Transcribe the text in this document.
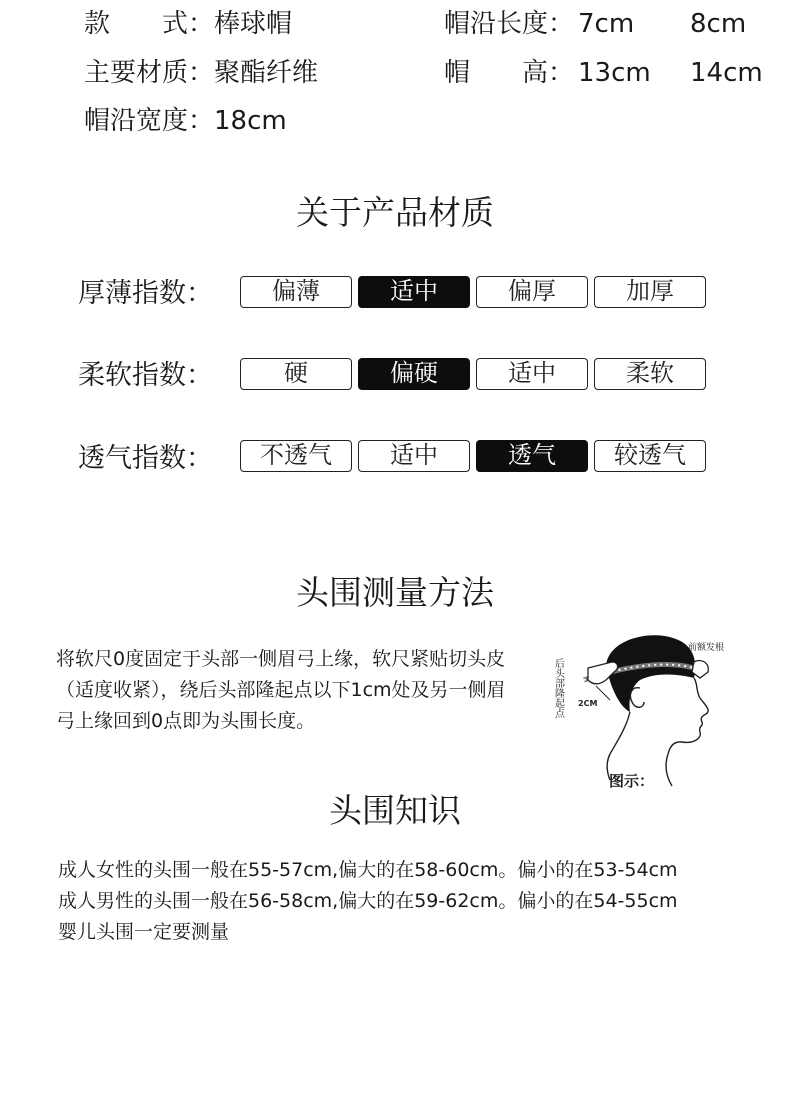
款　　式：棒球帽
主要材质：聚酯纤维
帽沿宽度：18cm
帽沿长度： 7cm 8cm
帽　　高： 13cm 14cm
关于产品材质
厚薄指数：	偏薄	适中	偏厚	加厚
柔软指数：	硬	偏硬	适中	柔软
透气指数：	不透气	适中	透气	较透气
头围测量方法
将软尺0度固定于头部一侧眉弓上缘，软尺紧贴切头皮
（适度收紧），绕后头部隆起点以下1cm处及另一侧眉
弓上缘回到0点即为头围长度。
后头部隆起点
前额发根
2CM
图示：
头围知识
成人女性的头围一般在55-57cm,偏大的在58-60cm。偏小的在53-54cm
成人男性的头围一般在56-58cm,偏大的在59-62cm。偏小的在54-55cm
婴儿头围一定要测量
